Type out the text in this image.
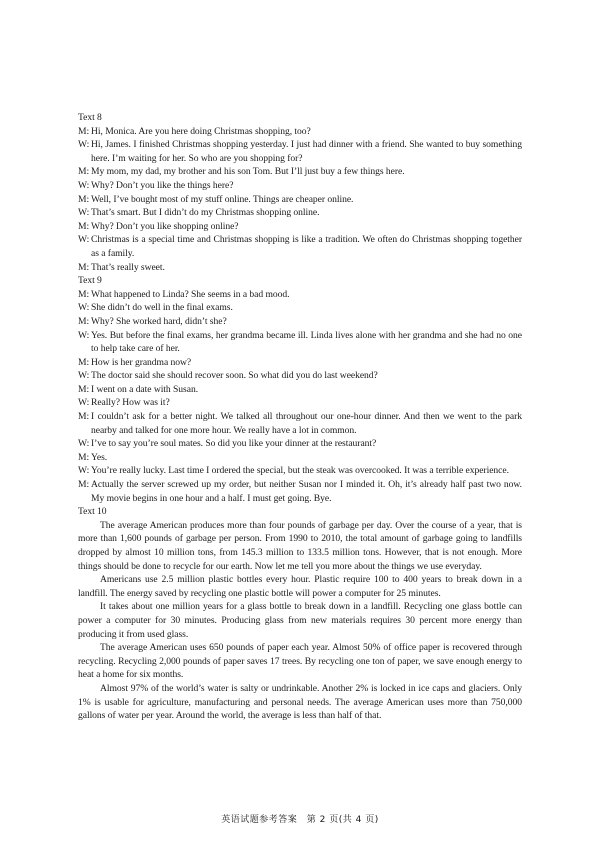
Text 8

M: Hi, Monica. Are you here doing Christmas shopping, too?

W: Hi, James. I finished Christmas shopping yesterday. I just had dinner with a friend. She wanted to buy something here. I’m waiting for her. So who are you shopping for?

M: My mom, my dad, my brother and his son Tom. But I’ll just buy a few things here.

W: Why? Don’t you like the things here?

M: Well, I’ve bought most of my stuff online. Things are cheaper online.

W: That’s smart. But I didn’t do my Christmas shopping online.

M: Why? Don’t you like shopping online?

W: Christmas is a special time and Christmas shopping is like a tradition. We often do Christmas shopping together as a family.

M: That’s really sweet.

Text 9

M: What happened to Linda? She seems in a bad mood.

W: She didn’t do well in the final exams.

M: Why? She worked hard, didn’t she?

W: Yes. But before the final exams, her grandma became ill. Linda lives alone with her grandma and she had no one to help take care of her.

M: How is her grandma now?

W: The doctor said she should recover soon. So what did you do last weekend?

M: I went on a date with Susan.

W: Really? How was it?

M: I couldn’t ask for a better night. We talked all throughout our one-hour dinner. And then we went to the park nearby and talked for one more hour. We really have a lot in common.

W: I’ve to say you’re soul mates. So did you like your dinner at the restaurant?

M: Yes.

W: You’re really lucky. Last time I ordered the special, but the steak was overcooked. It was a terrible experience.

M: Actually the server screwed up my order, but neither Susan nor I minded it. Oh, it’s already half past two now. My movie begins in one hour and a half. I must get going. Bye.

Text 10

The average American produces more than four pounds of garbage per day. Over the course of a year, that is more than 1,600 pounds of garbage per person. From 1990 to 2010, the total amount of garbage going to landfills dropped by almost 10 million tons, from 145.3 million to 133.5 million tons. However, that is not enough. More things should be done to recycle for our earth. Now let me tell you more about the things we use everyday.

Americans use 2.5 million plastic bottles every hour. Plastic require 100 to 400 years to break down in a landfill. The energy saved by recycling one plastic bottle will power a computer for 25 minutes.

It takes about one million years for a glass bottle to break down in a landfill. Recycling one glass bottle can power a computer for 30 minutes. Producing glass from new materials requires 30 percent more energy than producing it from used glass.

The average American uses 650 pounds of paper each year. Almost 50% of office paper is recovered through recycling. Recycling 2,000 pounds of paper saves 17 trees. By recycling one ton of paper, we save enough energy to heat a home for six months.

Almost 97% of the world’s water is salty or undrinkable. Another 2% is locked in ice caps and glaciers. Only 1% is usable for agriculture, manufacturing and personal needs. The average American uses more than 750,000 gallons of water per year. Around the world, the average is less than half of that.

英语试题参考答案　第 2 页(共 4 页)
